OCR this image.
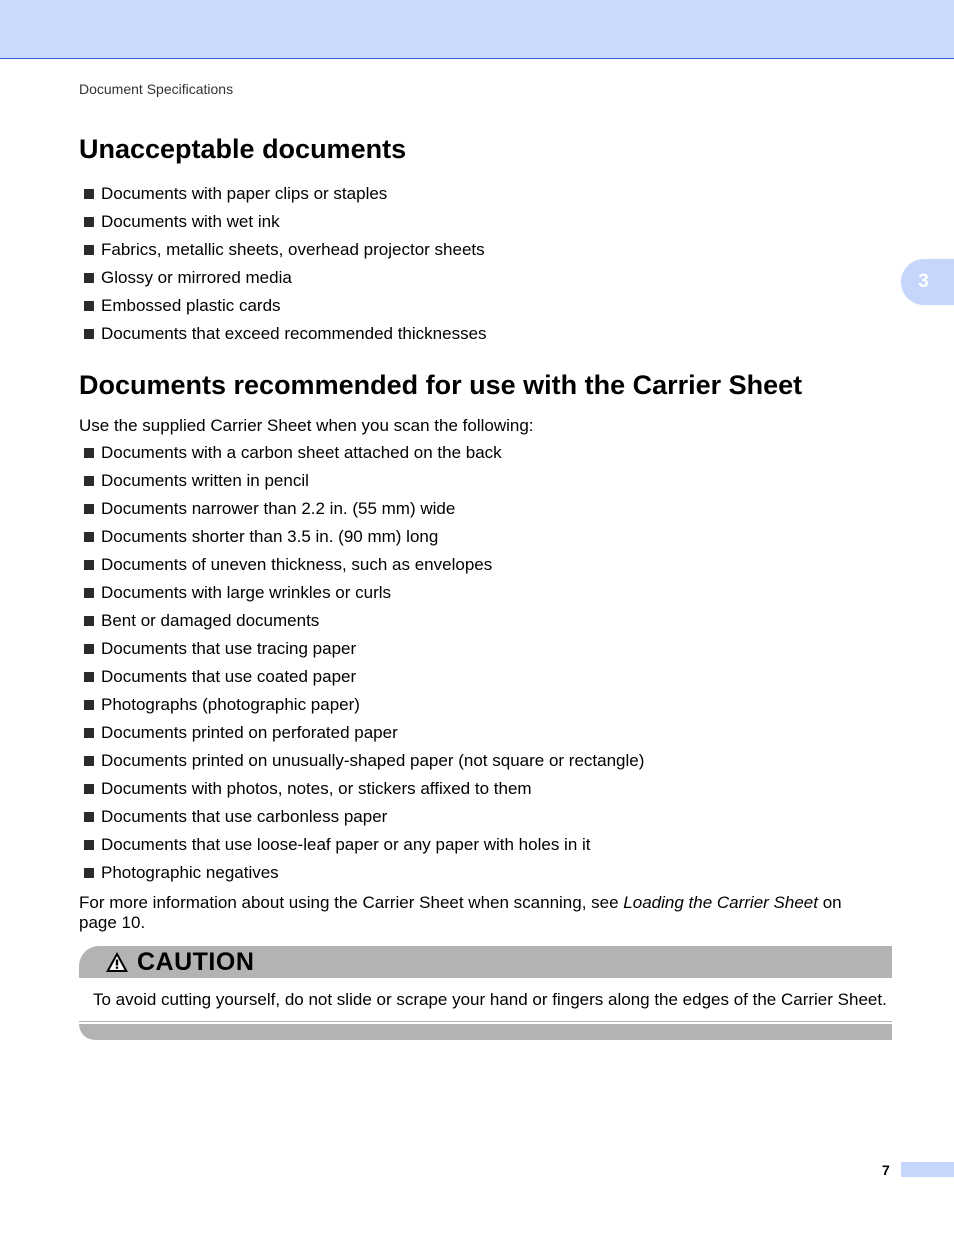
Document Specifications
3
Unacceptable documents
Documents with paper clips or staples
Documents with wet ink
Fabrics, metallic sheets, overhead projector sheets
Glossy or mirrored media
Embossed plastic cards
Documents that exceed recommended thicknesses
Documents recommended for use with the Carrier Sheet

Use the supplied Carrier Sheet when you scan the following:

Documents with a carbon sheet attached on the back
Documents written in pencil
Documents narrower than 2.2 in. (55 mm) wide
Documents shorter than 3.5 in. (90 mm) long
Documents of uneven thickness, such as envelopes
Documents with large wrinkles or curls
Bent or damaged documents
Documents that use tracing paper
Documents that use coated paper
Photographs (photographic paper)
Documents printed on perforated paper
Documents printed on unusually-shaped paper (not square or rectangle)
Documents with photos, notes, or stickers affixed to them
Documents that use carbonless paper
Documents that use loose-leaf paper or any paper with holes in it
Photographic negatives

For more information about using the Carrier Sheet when scanning, see Loading the Carrier Sheet on page 10.

CAUTION
To avoid cutting yourself, do not slide or scrape your hand or fingers along the edges of the Carrier Sheet.
7
